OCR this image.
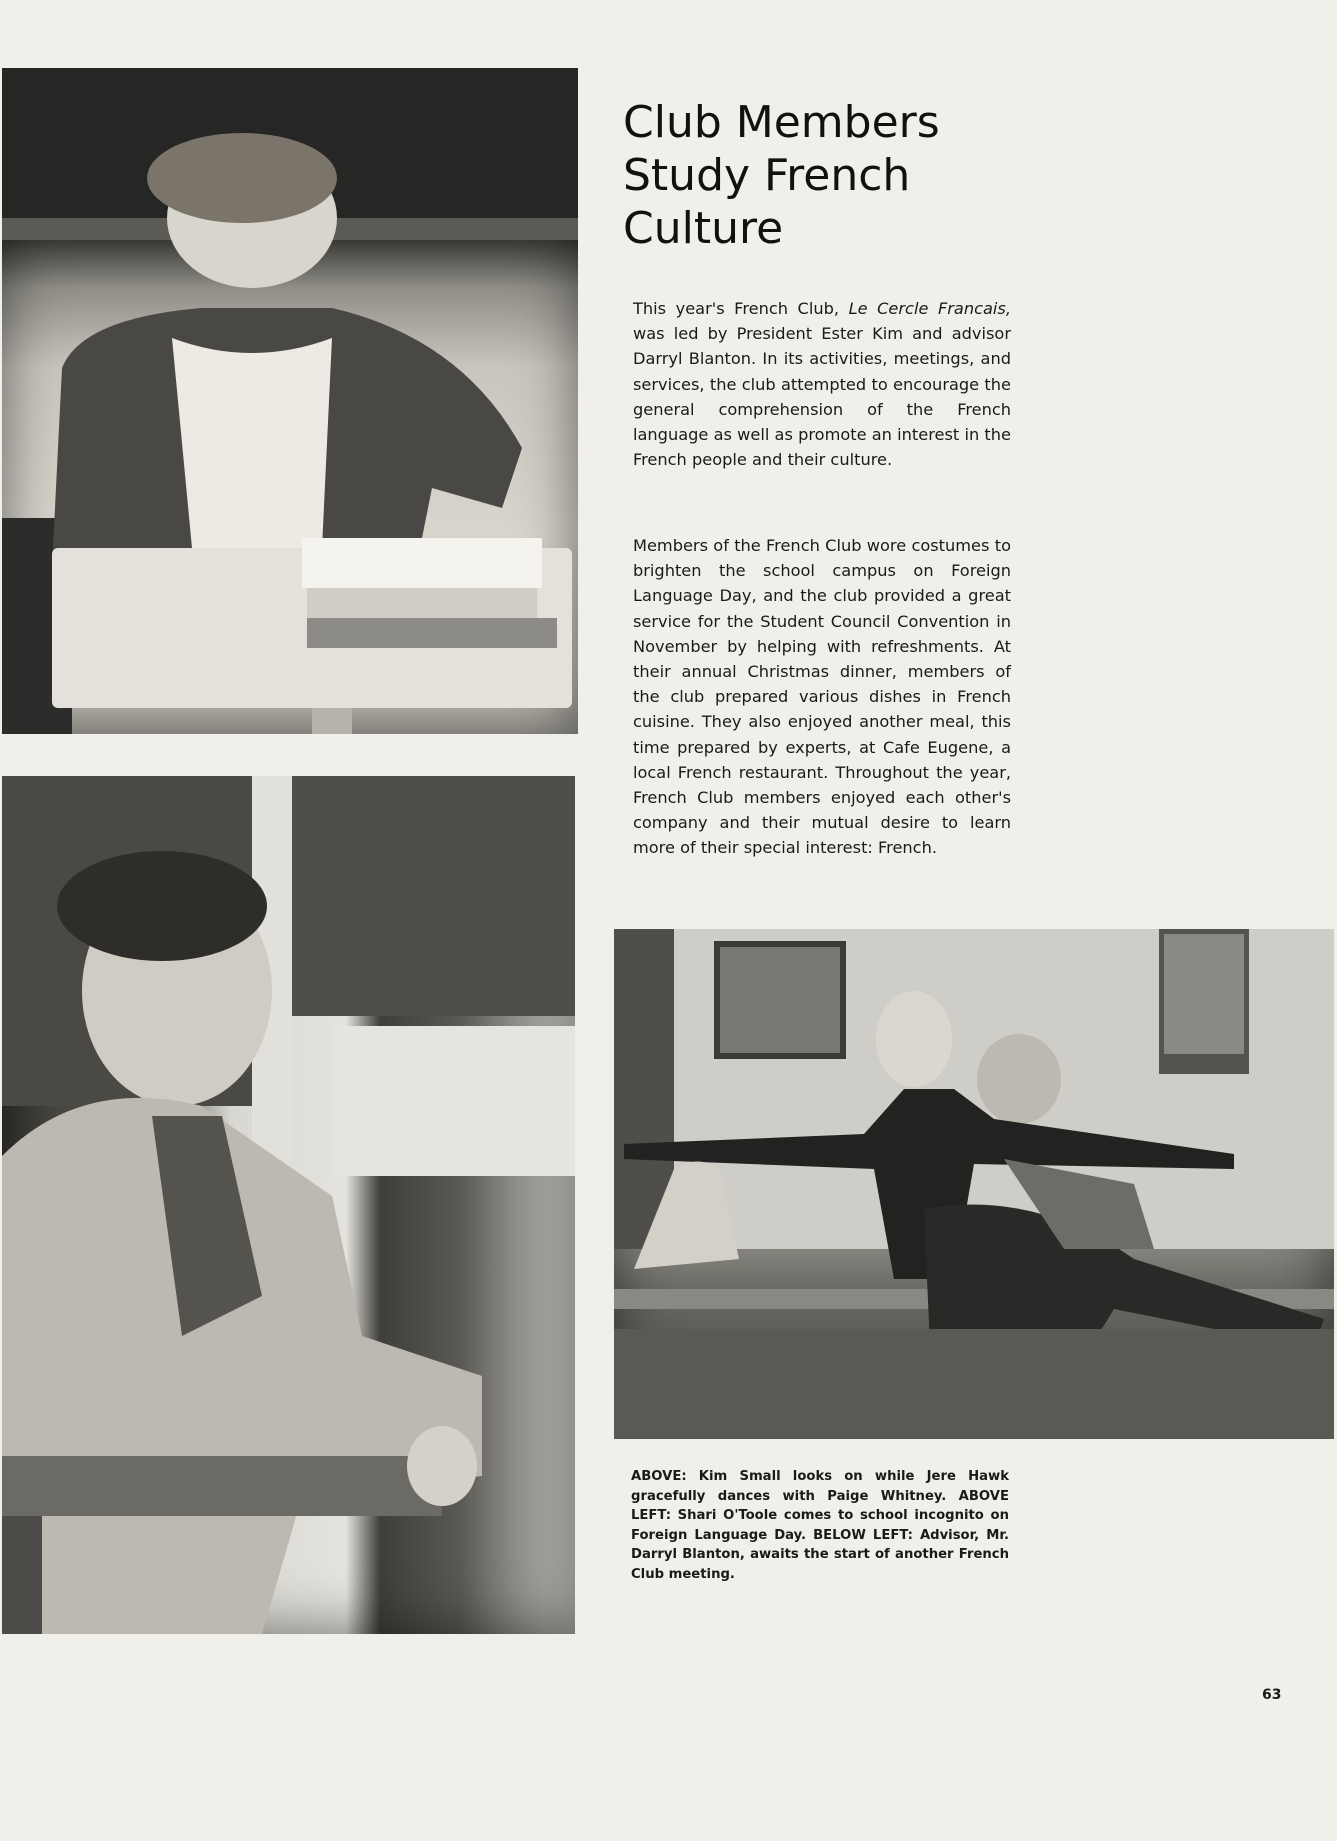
Club Members Study French Culture

This year's French Club, Le Cercle Francais, was led by President Ester Kim and advisor Darryl Blanton. In its activities, meetings, and services, the club attempted to encourage the general comprehension of the French language as well as promote an interest in the French people and their culture.

Members of the French Club wore costumes to brighten the school campus on Foreign Language Day, and the club provided a great service for the Student Council Convention in November by helping with refreshments. At their annual Christmas dinner, members of the club prepared various dishes in French cuisine. They also enjoyed another meal, this time prepared by experts, at Cafe Eugene, a local French restaurant. Throughout the year, French Club members enjoyed each other's company and their mutual desire to learn more of their special interest: French.

ABOVE: Kim Small looks on while Jere Hawk gracefully dances with Paige Whitney. ABOVE LEFT: Shari O'Toole comes to school incognito on Foreign Language Day. BELOW LEFT: Advisor, Mr. Darryl Blanton, awaits the start of another French Club meeting.

63
